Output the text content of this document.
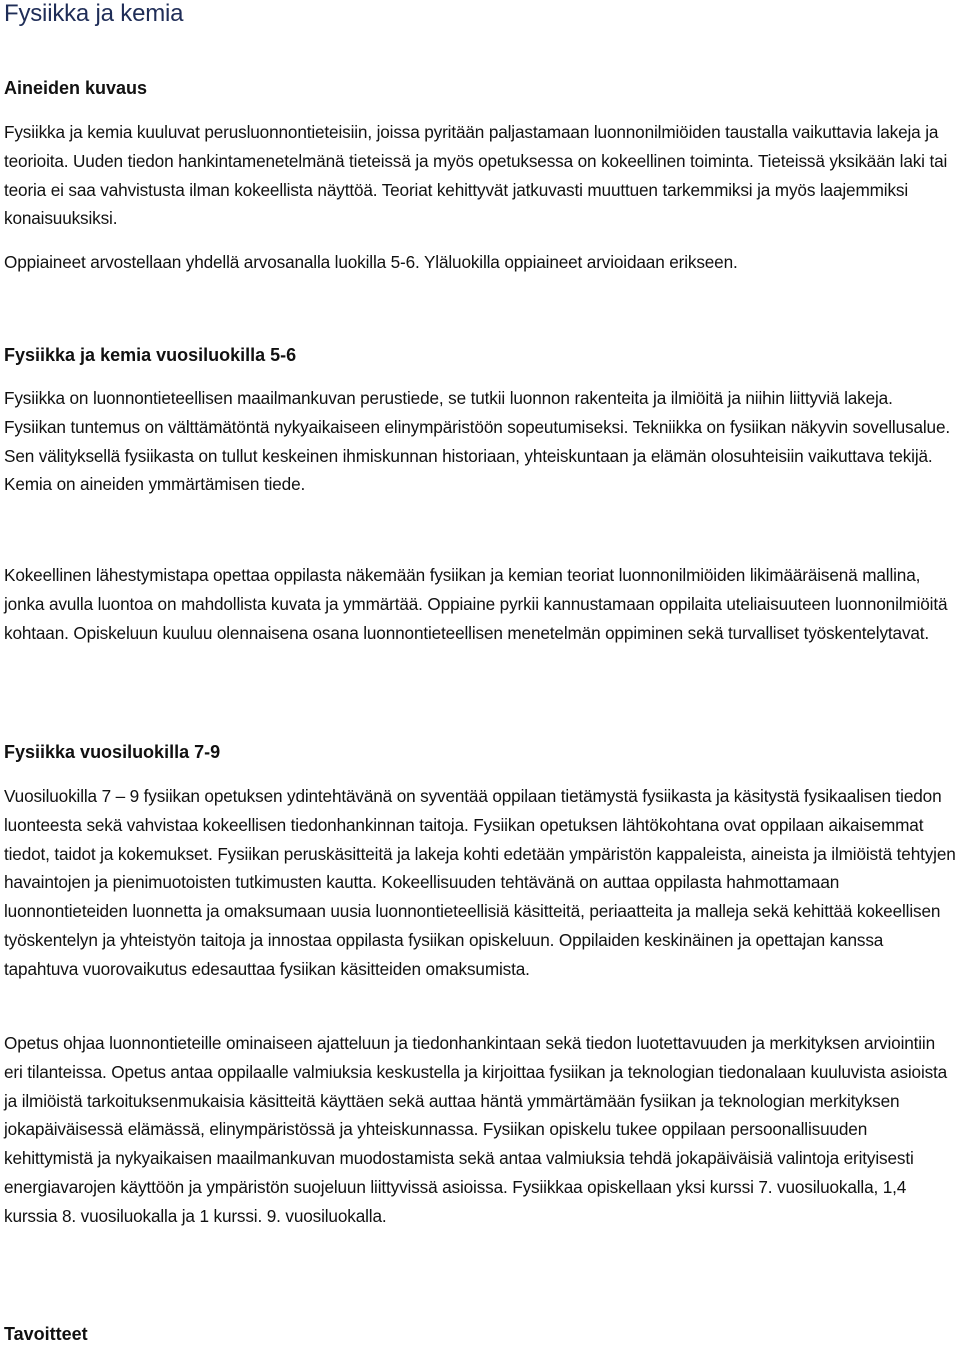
Fysiikka ja kemia
Aineiden kuvaus

Fysiikka ja kemia kuuluvat perusluonnontieteisiin, joissa pyritään paljastamaan luonnonilmiöiden taustalla vaikuttavia lakeja ja teorioita. Uuden tiedon hankintamenetelmänä tieteissä ja myös opetuksessa on kokeellinen toiminta. Tieteissä yksikään laki tai teoria ei saa vahvistusta ilman kokeellista näyttöä. Teoriat kehittyvät jatkuvasti muuttuen tarkemmiksi ja myös laajemmiksi konaisuuksiksi.

Oppiaineet arvostellaan yhdellä arvosanalla luokilla 5-6. Yläluokilla oppiaineet arvioidaan erikseen.

Fysiikka ja kemia vuosiluokilla 5-6

Fysiikka on luonnontieteellisen maailmankuvan perustiede, se tutkii luonnon rakenteita ja ilmiöitä ja niihin liittyviä lakeja. Fysiikan tuntemus on välttämätöntä nykyaikaiseen elinympäristöön sopeutumiseksi. Tekniikka on fysiikan näkyvin sovellusalue. Sen välityksellä fysiikasta on tullut keskeinen ihmiskunnan historiaan, yhteiskuntaan ja elämän olosuhteisiin vaikuttava tekijä. Kemia on aineiden ymmärtämisen tiede.

Kokeellinen lähestymistapa opettaa oppilasta näkemään fysiikan ja kemian teoriat luonnonilmiöiden likimääräisenä mallina, jonka avulla luontoa on mahdollista kuvata ja ymmärtää. Oppiaine pyrkii kannustamaan oppilaita uteliaisuuteen luonnonilmiöitä kohtaan. Opiskeluun kuuluu olennaisena osana luonnontieteellisen menetelmän oppiminen sekä turvalliset työskentelytavat.

Fysiikka vuosiluokilla 7-9

Vuosiluokilla 7 – 9 fysiikan opetuksen ydintehtävänä on syventää oppilaan tietämystä fysiikasta ja käsitystä fysikaalisen tiedon luonteesta sekä vahvistaa kokeellisen tiedonhankinnan taitoja. Fysiikan opetuksen lähtökohtana ovat oppilaan aikaisemmat tiedot, taidot ja kokemukset. Fysiikan peruskäsitteitä ja lakeja kohti edetään ympäristön kappaleista, aineista ja ilmiöistä tehtyjen havaintojen ja pienimuotoisten tutkimusten kautta. Kokeellisuuden tehtävänä on auttaa oppilasta hahmottamaan luonnontieteiden luonnetta ja omaksumaan uusia luonnontieteellisiä käsitteitä, periaatteita ja malleja sekä kehittää kokeellisen työskentelyn ja yhteistyön taitoja ja innostaa oppilasta fysiikan opiskeluun. Oppilaiden keskinäinen ja opettajan kanssa tapahtuva vuorovaikutus edesauttaa fysiikan käsitteiden omaksumista.

Opetus ohjaa luonnontieteille ominaiseen ajatteluun ja tiedonhankintaan sekä tiedon luotettavuuden ja merkityksen arviointiin eri tilanteissa. Opetus antaa oppilaalle valmiuksia keskustella ja kirjoittaa fysiikan ja teknologian tiedonalaan kuuluvista asioista ja ilmiöistä tarkoituksenmukaisia käsitteitä käyttäen sekä auttaa häntä ymmärtämään fysiikan ja teknologian merkityksen jokapäiväisessä elämässä, elinympäristössä ja yhteiskunnassa. Fysiikan opiskelu tukee oppilaan persoonallisuuden kehittymistä ja nykyaikaisen maailmankuvan muodostamista sekä antaa valmiuksia tehdä jokapäiväisiä valintoja erityisesti energiavarojen käyttöön ja ympäristön suojeluun liittyvissä asioissa. Fysiikkaa opiskellaan yksi kurssi 7. vuosiluokalla, 1,4 kurssia 8. vuosiluokalla ja 1 kurssi. 9. vuosiluokalla.

Tavoitteet
